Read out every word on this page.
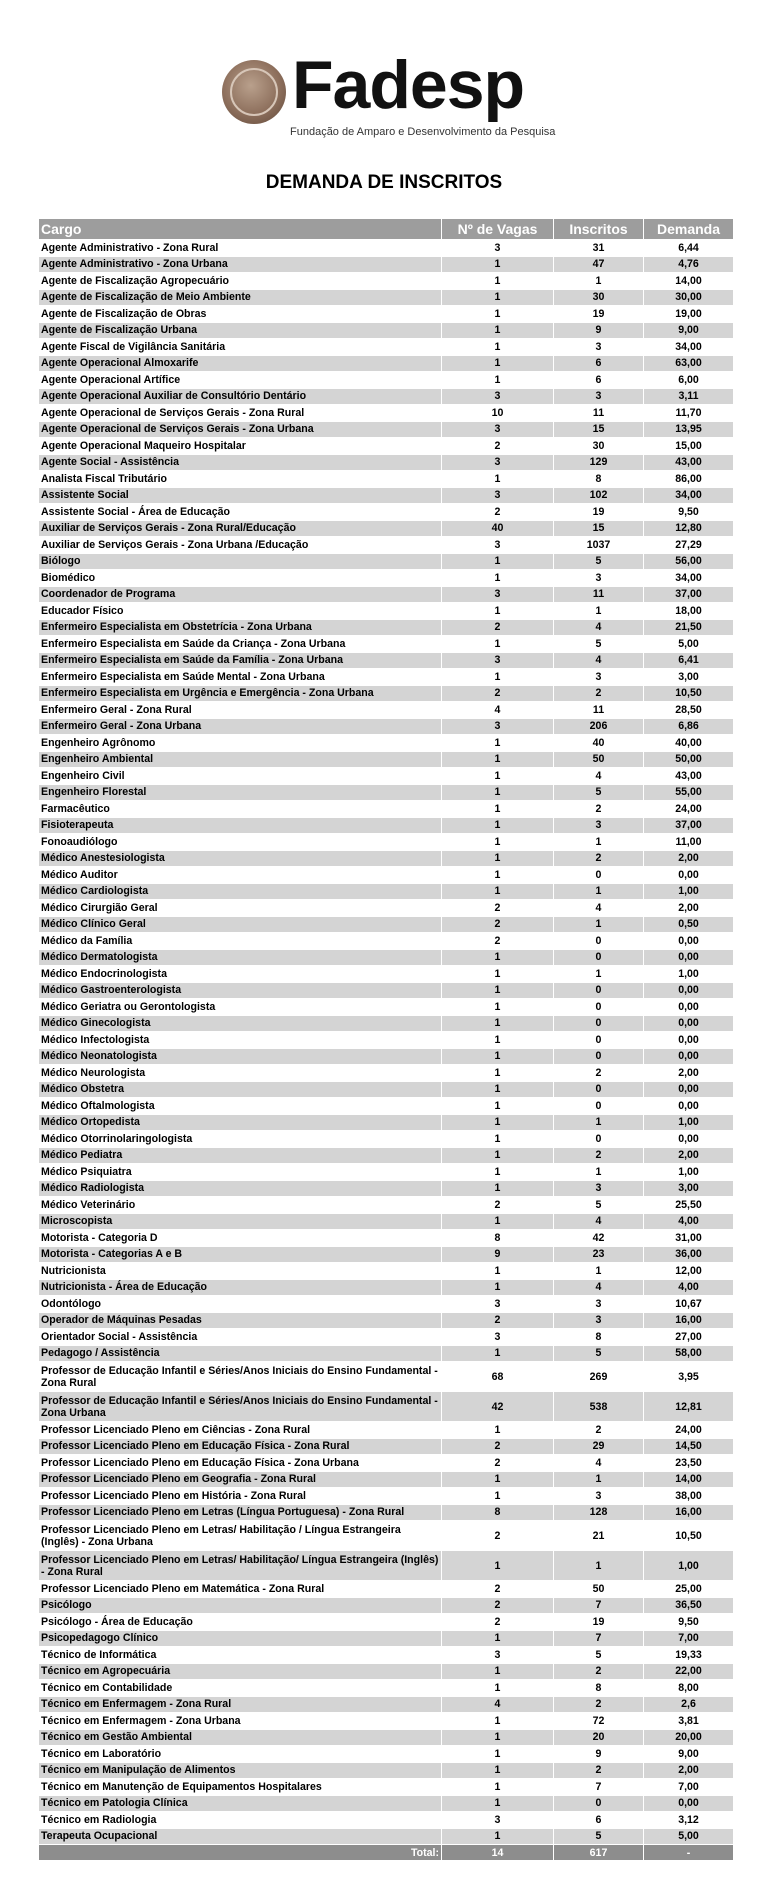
Fadesp
Fundação de Amparo e Desenvolvimento da Pesquisa
DEMANDA DE INSCRITOS
Cargo	Nº de Vagas	Inscritos	Demanda
Agente Administrativo - Zona Rural	3	31	6,44
Agente Administrativo - Zona Urbana	1	47	4,76
Agente de Fiscalização Agropecuário	1	1	14,00
Agente de Fiscalização de Meio Ambiente	1	30	30,00
Agente de Fiscalização de Obras	1	19	19,00
Agente de Fiscalização Urbana	1	9	9,00
Agente Fiscal de Vigilância Sanitária	1	3	34,00
Agente Operacional Almoxarife	1	6	63,00
Agente Operacional Artífice	1	6	6,00
Agente Operacional Auxiliar de Consultório Dentário	3	3	3,11
Agente Operacional de Serviços Gerais - Zona Rural	10	11	11,70
Agente Operacional de Serviços Gerais - Zona Urbana	3	15	13,95
Agente Operacional Maqueiro Hospitalar	2	30	15,00
Agente Social - Assistência	3	129	43,00
Analista Fiscal Tributário	1	8	86,00
Assistente Social	3	102	34,00
Assistente Social - Área de Educação	2	19	9,50
Auxiliar de Serviços Gerais - Zona Rural/Educação	40	15	12,80
Auxiliar de Serviços Gerais - Zona Urbana /Educação	3	1037	27,29
Biólogo	1	5	56,00
Biomédico	1	3	34,00
Coordenador de Programa	3	11	37,00
Educador Físico	1	1	18,00
Enfermeiro Especialista em Obstetrícia - Zona Urbana	2	4	21,50
Enfermeiro Especialista em Saúde da Criança - Zona Urbana	1	5	5,00
Enfermeiro Especialista em Saúde da Família - Zona Urbana	3	4	6,41
Enfermeiro Especialista em Saúde Mental - Zona Urbana	1	3	3,00
Enfermeiro Especialista em Urgência e Emergência - Zona Urbana	2	2	10,50
Enfermeiro Geral - Zona Rural	4	11	28,50
Enfermeiro Geral - Zona Urbana	3	206	6,86
Engenheiro Agrônomo	1	40	40,00
Engenheiro Ambiental	1	50	50,00
Engenheiro Civil	1	4	43,00
Engenheiro Florestal	1	5	55,00
Farmacêutico	1	2	24,00
Fisioterapeuta	1	3	37,00
Fonoaudiólogo	1	1	11,00
Médico Anestesiologista	1	2	2,00
Médico Auditor	1	0	0,00
Médico Cardiologista	1	1	1,00
Médico Cirurgião Geral	2	4	2,00
Médico Clínico Geral	2	1	0,50
Médico da Família	2	0	0,00
Médico Dermatologista	1	0	0,00
Médico Endocrinologista	1	1	1,00
Médico Gastroenterologista	1	0	0,00
Médico Geriatra ou Gerontologista	1	0	0,00
Médico Ginecologista	1	0	0,00
Médico Infectologista	1	0	0,00
Médico Neonatologista	1	0	0,00
Médico Neurologista	1	2	2,00
Médico Obstetra	1	0	0,00
Médico Oftalmologista	1	0	0,00
Médico Ortopedista	1	1	1,00
Médico Otorrinolaringologista	1	0	0,00
Médico Pediatra	1	2	2,00
Médico Psiquiatra	1	1	1,00
Médico Radiologista	1	3	3,00
Médico Veterinário	2	5	25,50
Microscopista	1	4	4,00
Motorista - Categoria D	8	42	31,00
Motorista - Categorias A e B	9	23	36,00
Nutricionista	1	1	12,00
Nutricionista - Área de Educação	1	4	4,00
Odontólogo	3	3	10,67
Operador de Máquinas Pesadas	2	3	16,00
Orientador Social - Assistência	3	8	27,00
Pedagogo / Assistência	1	5	58,00
Professor de Educação Infantil e Séries/Anos Iniciais do Ensino Fundamental - Zona Rural	68	269	3,95
Professor de Educação Infantil e Séries/Anos Iniciais do Ensino Fundamental - Zona Urbana	42	538	12,81
Professor Licenciado Pleno em Ciências - Zona Rural	1	2	24,00
Professor Licenciado Pleno em Educação Física - Zona Rural	2	29	14,50
Professor Licenciado Pleno em Educação Física - Zona Urbana	2	4	23,50
Professor Licenciado Pleno em Geografia - Zona Rural	1	1	14,00
Professor Licenciado Pleno em História - Zona Rural	1	3	38,00
Professor Licenciado Pleno em Letras (Língua Portuguesa) - Zona Rural	8	128	16,00
Professor Licenciado Pleno em Letras/ Habilitação / Língua Estrangeira (Inglês) - Zona Urbana	2	21	10,50
Professor Licenciado Pleno em Letras/ Habilitação/ Língua Estrangeira (Inglês) - Zona Rural	1	1	1,00
Professor Licenciado Pleno em Matemática - Zona Rural	2	50	25,00
Psicólogo	2	7	36,50
Psicólogo - Área de Educação	2	19	9,50
Psicopedagogo Clínico	1	7	7,00
Técnico de Informática	3	5	19,33
Técnico em Agropecuária	1	2	22,00
Técnico em Contabilidade	1	8	8,00
Técnico em Enfermagem - Zona Rural	4	2	2,6
Técnico em Enfermagem - Zona Urbana	1	72	3,81
Técnico em Gestão Ambiental	1	20	20,00
Técnico em Laboratório	1	9	9,00
Técnico em Manipulação de Alimentos	1	2	2,00
Técnico em Manutenção de Equipamentos Hospitalares	1	7	7,00
Técnico em Patologia Clínica	1	0	0,00
Técnico em Radiologia	3	6	3,12
Terapeuta Ocupacional	1	5	5,00
Total:	14	617	-
